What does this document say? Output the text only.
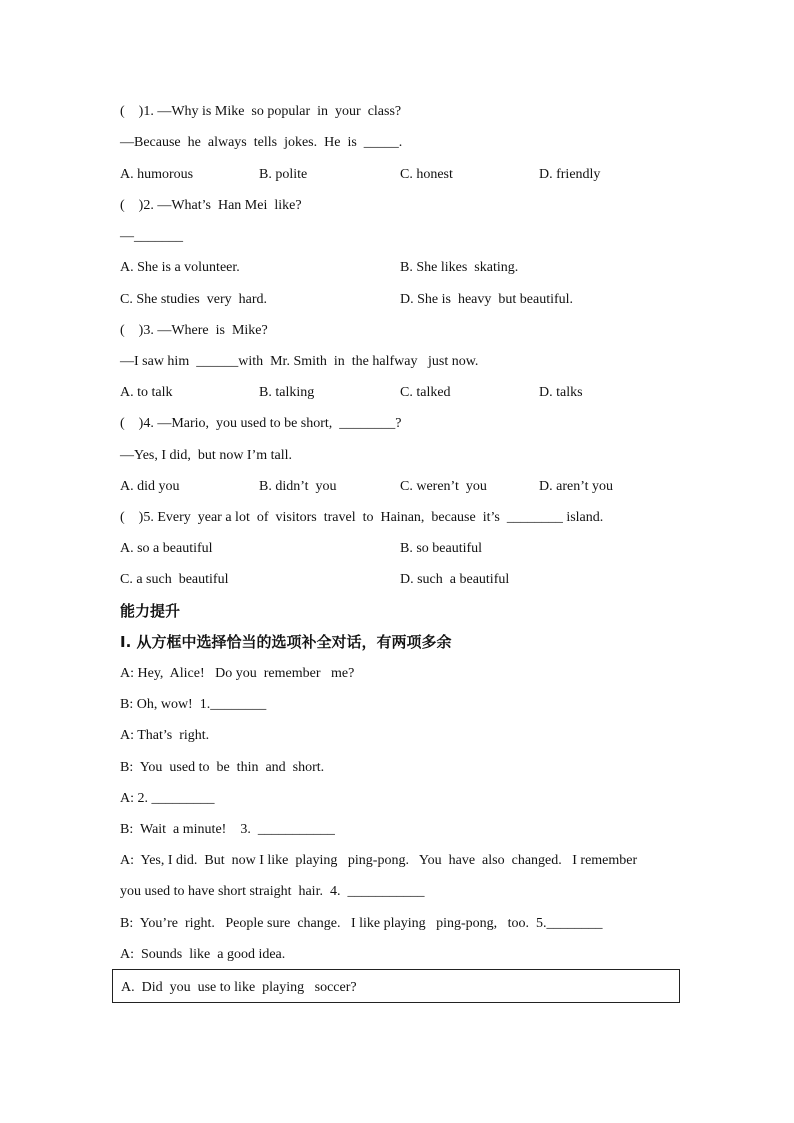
(    )1. —Why is Mike  so popular  in  your  class?
—Because  he  always  tells  jokes.  He  is  _____.
A. humorous	B. polite	C. honest	D. friendly
(    )2. —What’s  Han Mei  like?
—_______
A. She is a volunteer.	B. She likes  skating.
C. She studies  very  hard.	D. She is  heavy  but beautiful.
(    )3. —Where  is  Mike?
—I saw him  ______with  Mr. Smith  in  the halfway   just now.
A. to talk	B. talking	C. talked	D. talks
(    )4. —Mario,  you used to be short,  ________?
—Yes, I did,  but now I’m tall.
A. did you	B. didn’t  you	C. weren’t  you	D. aren’t you
(    )5. Every  year a lot  of  visitors  travel  to  Hainan,  because  it’s  ________ island.
A. so a beautiful	B. so beautiful
C. a such  beautiful	D. such  a beautiful
能力提升
Ⅰ. 从方框中选择恰当的选项补全对话，有两项多余
A: Hey,  Alice!   Do you  remember   me?
B: Oh, wow!  1.________
A: That’s  right.
B:  You  used to  be  thin  and  short.
A: 2. _________
B:  Wait  a minute!    3.  ___________
A:  Yes, I did.  But  now I like  playing   ping-pong.   You  have  also  changed.   I remember
you used to have short straight  hair.  4.  ___________
B:  You’re  right.   People sure  change.   I like playing   ping-pong,   too.  5.________
A:  Sounds  like  a good idea.
A.  Did  you  use to like  playing   soccer?
